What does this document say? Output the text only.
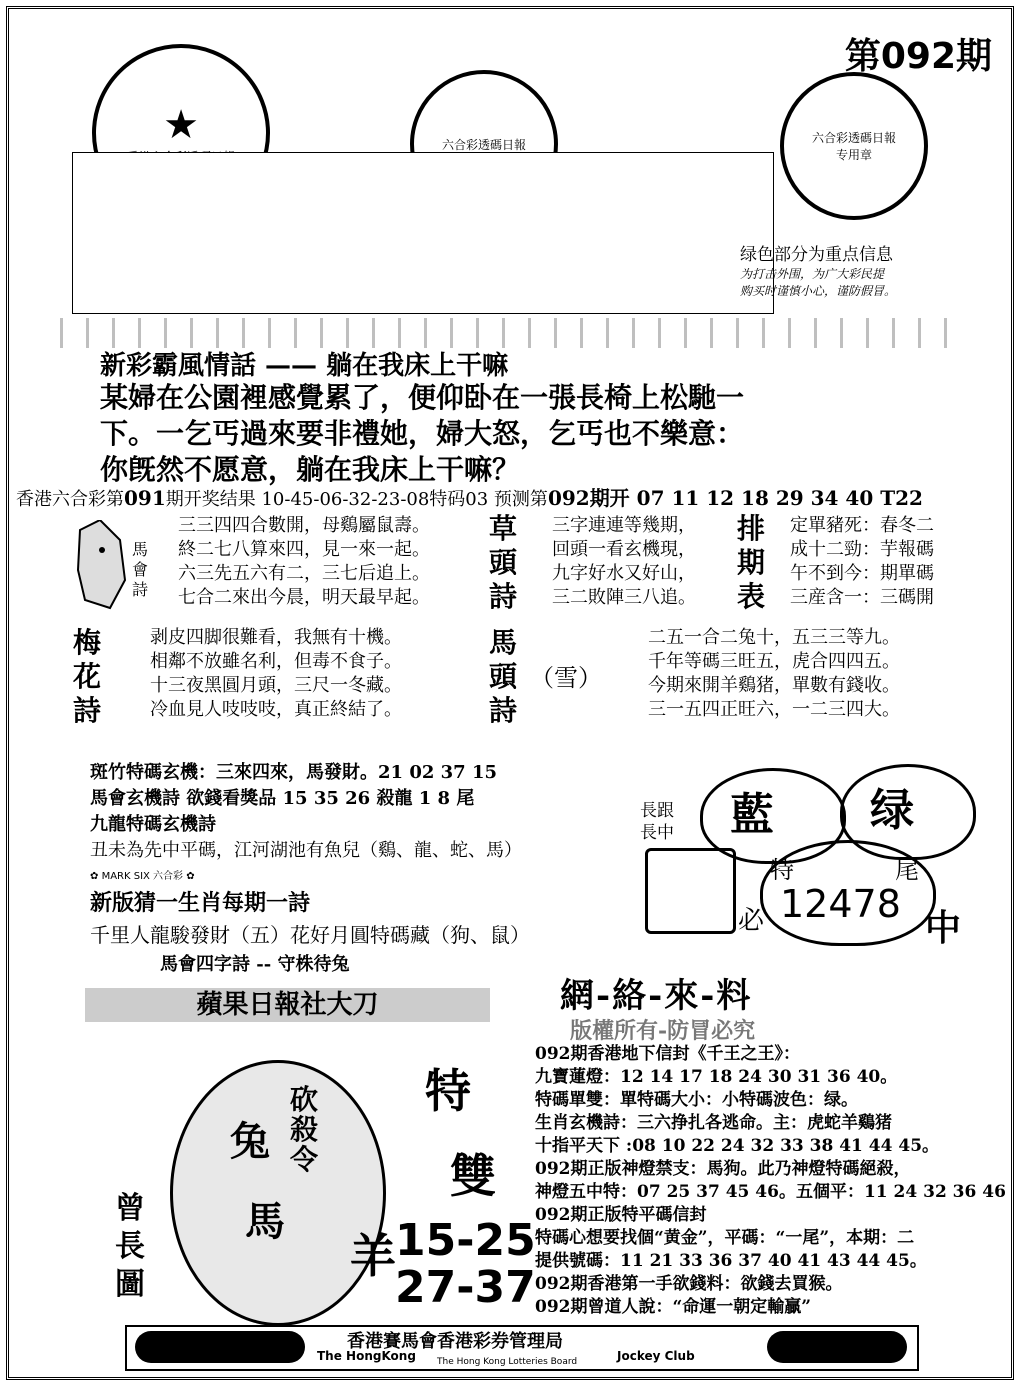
★	六合彩透碼日報	六合彩透碼日報
专用章
第092期
绿色部分为重点信息
为打击外围，为广大彩民提
购买时谨慎小心，谨防假冒。
新彩霸風情話 —— 躺在我床上干嘛
某婦在公園裡感覺累了，便仰卧在一張長椅上松馳一
下。一乞丐過來要非禮她，婦大怒，乞丐也不樂意：
你旣然不愿意，躺在我床上干嘛？
香港六合彩第091期开奖结果 10-45-06-32-23-08特码03 预测第092期开 07 11 12 18 29 34 40 T22
馬會詩
三三四四合數開，母鷄屬鼠壽。
終二七八算來四，見一來一起。
六三先五六有二，三七后追上。
七合二來出今晨，明天最早起。
草頭詩
三字連連等幾期，
回頭一看玄機現，
九字好水又好山，
三二敗陣三八追。
排期表
定單豬死：春冬二
成十二勁：芋報碼
午不到今：期單碼
三産含一：三碼開
梅花詩
剥皮四脚很難看，我無有十機。
相鄰不放雖名利，但毒不食子。
十三夜黑圓月頭，三尺一冬藏。
冷血見人吱吱吱，真正終結了。
馬頭詩
（雪）
二五一合二兔十，五三三等九。
千年等碼三旺五，虎合四四五。
今期來開羊鷄猪，單數有錢收。
三一五四正旺六，一二三四大。
斑竹特碼玄機：三來四來，馬發財。21 02 37 15
馬會玄機詩 欲錢看獎品 15 35 26 殺龍 1 8 尾
九龍特碼玄機詩
丑未為先中平碼，江河湖池有魚兒（鷄、龍、蛇、馬）
✿ MARK SIX 六合彩 ✿
新版猜一生肖每期一詩
千里人龍駿發財（五）花好月圓特碼藏（狗、鼠）
馬會四字詩 -- 守株待兔
長跟長中	藍 绿
特	尾
12478
必	中
網-絡-來-料
版權所有-防冒必究
蘋果日報社大刀
砍殺令
兔
馬
特
雙
羊 15-25
27-37
曾長圖
092期香港地下信封《千王之王》：
九寶蓮燈：12 14 17 18 24 30 31 36 40。
特碼單雙：單特碼大小：小特碼波色：绿。
生肖玄機詩：三六挣扎各逃命。主：虎蛇羊鷄猪
十指平天下 :08 10 22 24 32 33 38 41 44 45。
092期正版神燈禁支：馬狗。此乃神燈特碼絕殺，
神燈五中特：07 25 37 45 46。五個平：11 24 32 36 46
092期正版特平碼信封
特碼心想要找個“黄金”，平碼：“一尾”，本期：二
提供號碼：11 21 33 36 37 40 41 43 44 45。
092期香港第一手欲錢料：欲錢去買猴。
092期曾道人說：“命運一朝定輸贏”
香港賽馬會香港彩券管理局
The HongKong	Jockey Club
The Hong Kong Lotteries Board
